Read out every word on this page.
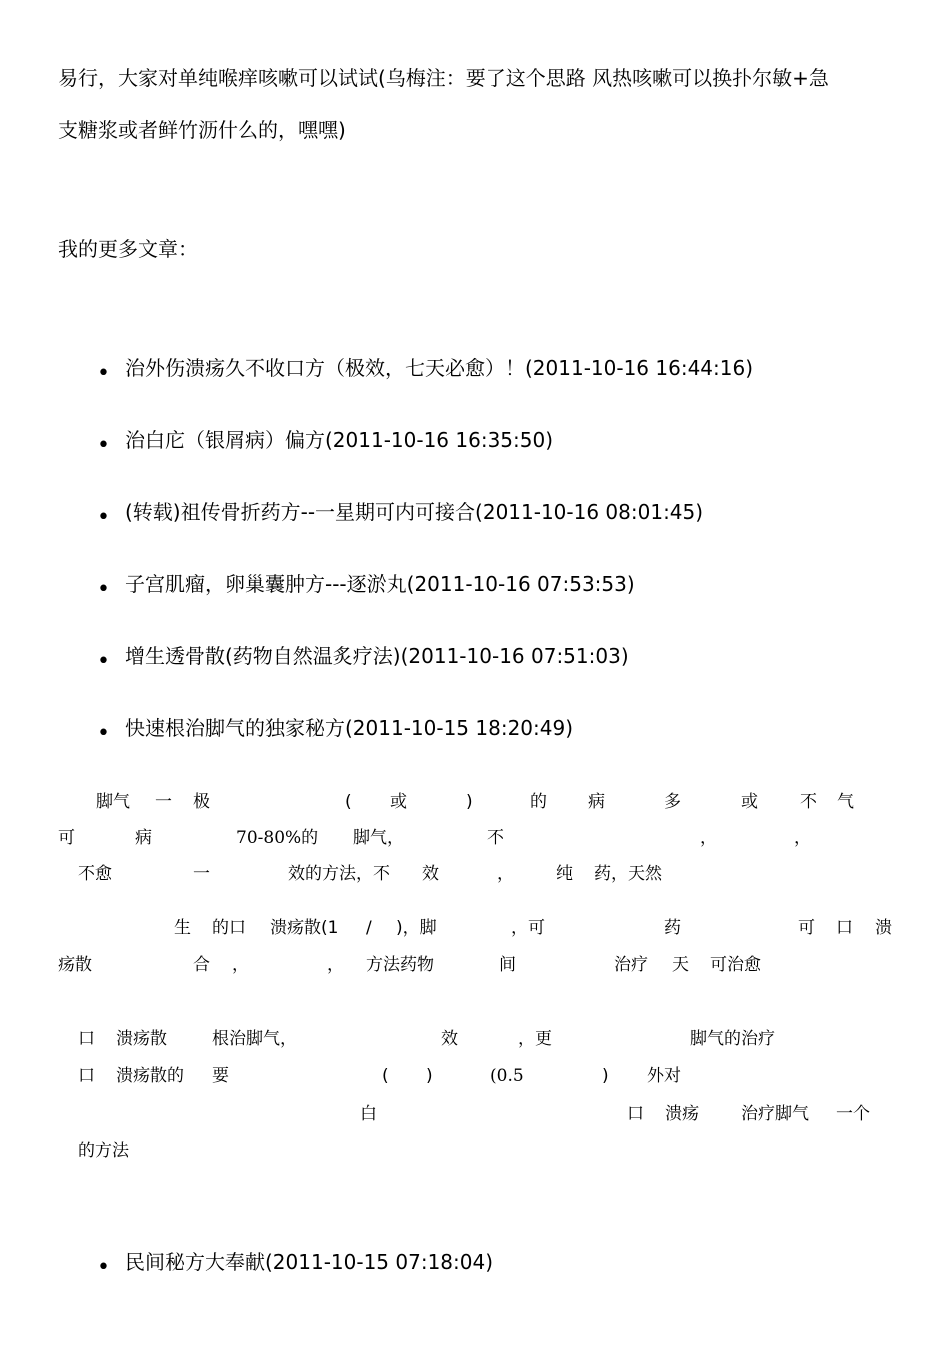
易行，大家对单纯喉痒咳嗽可以试试(乌梅注：要了这个思路 风热咳嗽可以换扑尔敏+急
支糖浆或者鲜竹沥什么的，嘿嘿)
我的更多文章：
• 治外伤溃疡久不收口方（极效，七天必愈）！(2011-10-16 16:44:16)
• 治白庀（银屑病）偏方(2011-10-16 16:35:50)
• (转载)祖传骨折药方--一星期可内可接合(2011-10-16 08:01:45)
• 子宫肌瘤，卵巢囊肿方---逐淤丸(2011-10-16 07:53:53)
• 增生透骨散(药物自然温炙疗法)(2011-10-16 07:51:03)
• 快速根治脚气的独家秘方(2011-10-15 18:20:49)
脚气 一 极	( 或	)	的 病	多	或 不 气
可	病	70-80%的 脚气，	不	，	，
不愈	一	效的方法，不 效	， 纯 药，天然
生 的口 溃疡散(1 / )，脚	，可	药	可 口 溃
疡散	合 ，	， 方法药物	间	治疗 天 可治愈
口 溃疡散	根治脚气，	效	，更	脚气的治疗
口 溃疡散的 要	( )	(0.5	) 外对
白	口 溃疡 治疗脚气 一个
的方法
• 民间秘方大奉献(2011-10-15 07:18:04)
